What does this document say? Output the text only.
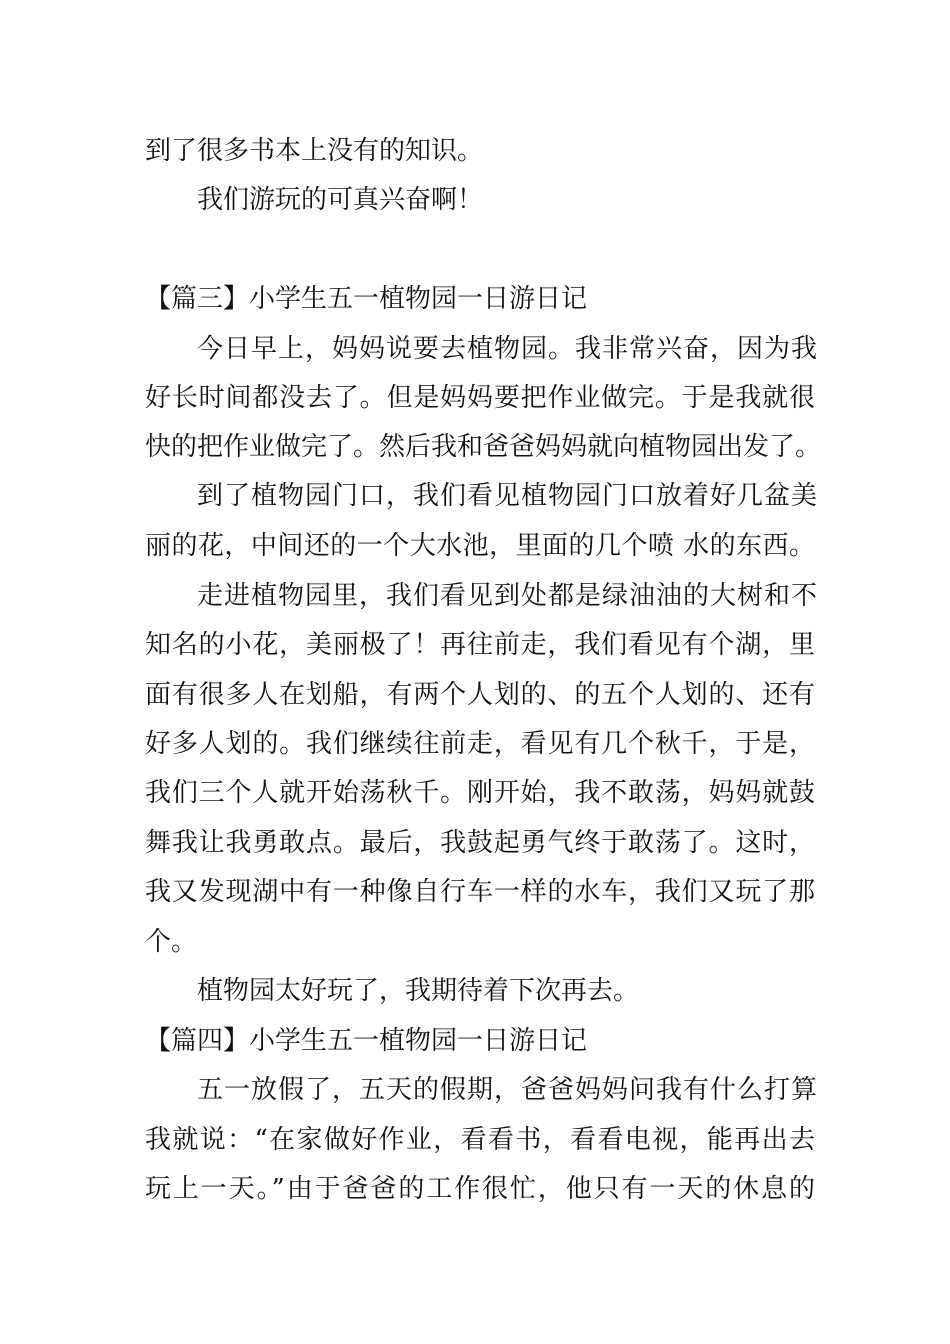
到了很多书本上没有的知识。
我们游玩的可真兴奋啊！
【篇三】小学生五一植物园一日游日记
今日早上，妈妈说要去植物园。我非常兴奋，因为我
好长时间都没去了。但是妈妈要把作业做完。于是我就很
快的把作业做完了。然后我和爸爸妈妈就向植物园出发了。
到了植物园门口，我们看见植物园门口放着好几盆美
丽的花，中间还的一个大水池，里面的几个喷 水的东西。
走进植物园里，我们看见到处都是绿油油的大树和不
知名的小花，美丽极了！再往前走，我们看见有个湖，里
面有很多人在划船，有两个人划的、的五个人划的、还有
好多人划的。我们继续往前走，看见有几个秋千，于是，
我们三个人就开始荡秋千。刚开始，我不敢荡，妈妈就鼓
舞我让我勇敢点。最后，我鼓起勇气终于敢荡了。这时，
我又发现湖中有一种像自行车一样的水车，我们又玩了那
个。
植物园太好玩了，我期待着下次再去。
【篇四】小学生五一植物园一日游日记
五一放假了，五天的假期，爸爸妈妈问我有什么打算
我就说：“在家做好作业，看看书，看看电视，能再出去
玩上一天。”由于爸爸的工作很忙，他只有一天的休息的
